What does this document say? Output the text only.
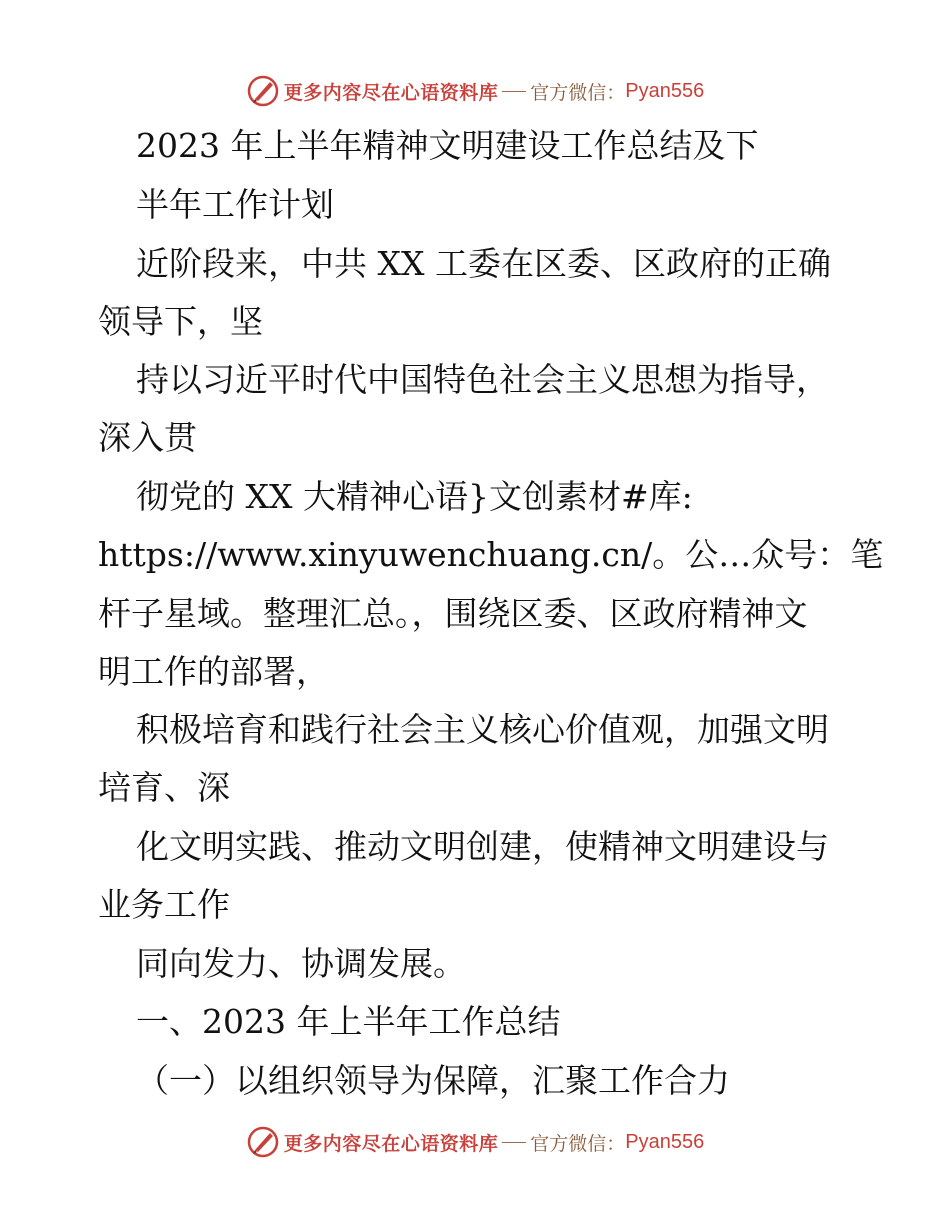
更多内容尽在心语资料库 官方微信： Pyan556
2023 年上半年精神文明建设工作总结及下
半年工作计划
近阶段来，中共 XX 工委在区委、区政府的正确
领导下，坚
持以习近平时代中国特色社会主义思想为指导，
深入贯
彻党的 XX 大精神心语}文创素材#库:
https://www.xinyuwenchuang.cn/。公…众号：笔
杆子星域。整理汇总。，围绕区委、区政府精神文
明工作的部署，
积极培育和践行社会主义核心价值观，加强文明
培育、深
化文明实践、推动文明创建，使精神文明建设与
业务工作
同向发力、协调发展。
一、2023 年上半年工作总结
（一）以组织领导为保障，汇聚工作合力
更多内容尽在心语资料库 官方微信： Pyan556
